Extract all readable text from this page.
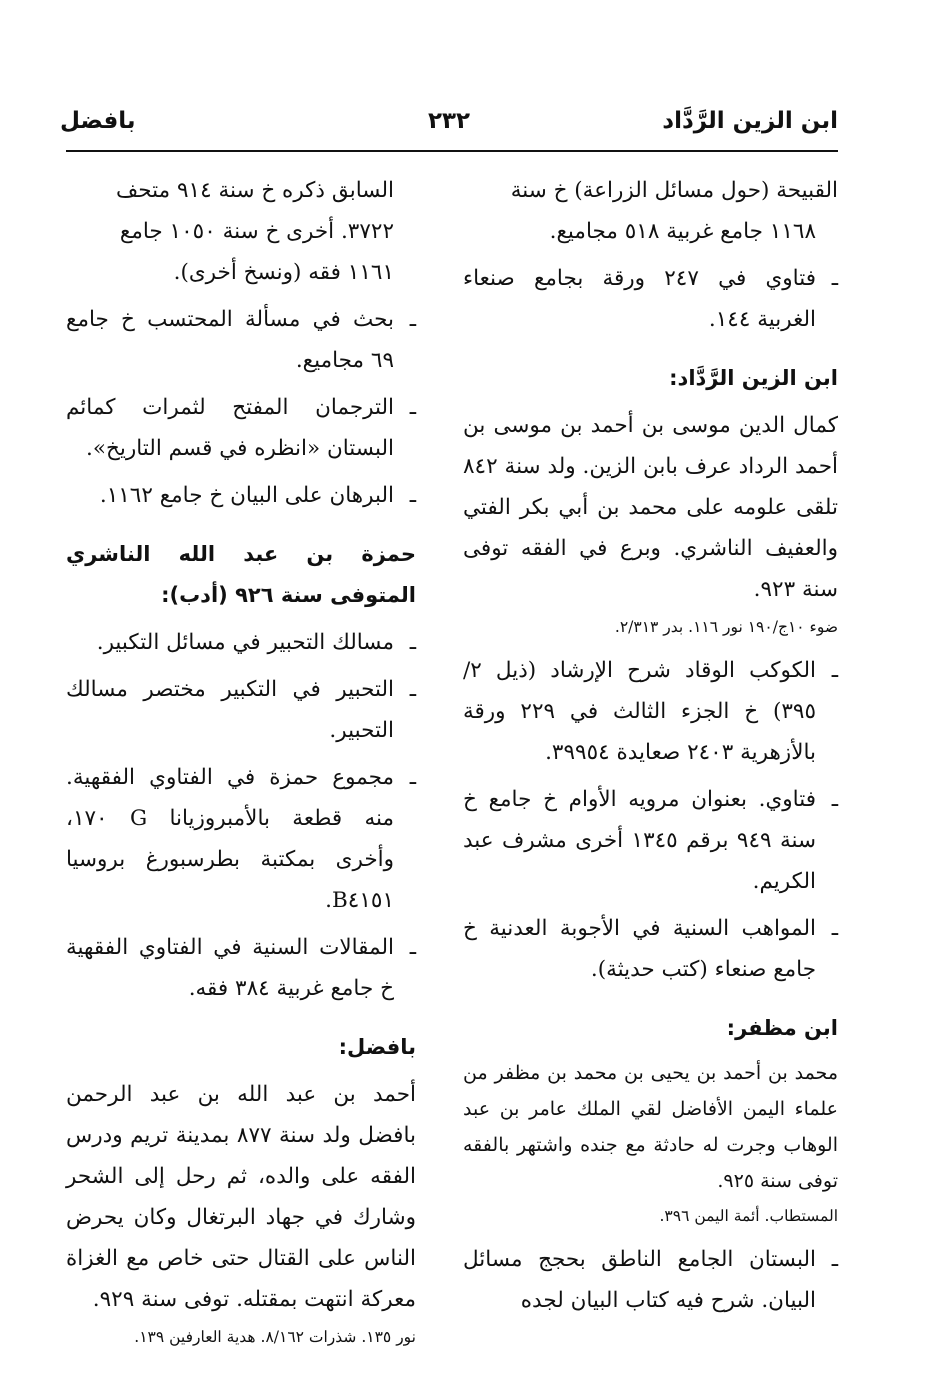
ابن الزين الرَّدَّاد
٢٣٢
بافضل

القبيحة (حول مسائل الزراعة) خ سنة

١١٦٨ جامع غربية ٥١٨ مجاميع.

ـ
فتاوي في ٢٤٧ ورقة بجامع صنعاء الغربية ١٤٤.
ابن الزين الرَّدَّاد:

كمال الدين موسى بن أحمد بن موسى بن أحمد الرداد عرف بابن الزين. ولد سنة ٨٤٢ تلقى علومه على محمد بن أبي بكر الفتي والعفيف الناشري. وبرع في الفقه توفى سنة ٩٢٣.

ضوء ١٠ج/١٩٠ نور ١١٦. بدر ٢/٣١٣.

ـ
الكوكب الوقاد شرح الإرشاد (ذيل ٢/ ٣٩٥) خ الجزء الثالث في ٢٢٩ ورقة بالأزهرية ٢٤٠٣ صعايدة ٣٩٩٥٤.
ـ
فتاوي. بعنوان مرويه الأوام خ جامع خ سنة ٩٤٩ برقم ١٣٤٥ أخرى مشرف عبد الكريم.
ـ
المواهب السنية في الأجوبة العدنية خ جامع صنعاء (كتب حديثة).
ابن مظفر:

محمد بن أحمد بن يحيى بن محمد بن مظفر من علماء اليمن الأفاضل لقي الملك عامر بن عبد الوهاب وجرت له حادثة مع جنده واشتهر بالفقه توفى سنة ٩٢٥.

المستطاب. أئمة اليمن ٣٩٦.

ـ
البستان الجامع الناطق بحجج مسائل البيان. شرح فيه كتاب البيان لجده

السابق ذكره خ سنة ٩١٤ متحف

٣٧٢٢. أخرى خ سنة ١٠٥٠ جامع

١١٦١ فقه (ونسخ أخرى).

ـ
بحث في مسألة المحتسب خ جامع ٦٩ مجاميع.
ـ
الترجمان المفتح لثمرات كمائم البستان «انظره في قسم التاريخ».
ـ
البرهان على البيان خ جامع ١١٦٢.
حمزة بن عبد الله الناشري المتوفى سنة ٩٢٦ (أدب):
ـ
مسالك التحبير في مسائل التكبير.
ـ
التحبير في التكبير مختصر مسالك التحبير.
ـ
مجموع حمزة في الفتاوي الفقهية. منه قطعة بالأمبروزيانا G ١٧٠، وأخرى بمكتبة بطرسبورغ بروسيا B٤١٥١.
ـ
المقالات السنية في الفتاوي الفقهية خ جامع غربية ٣٨٤ فقه.
بافضل:

أحمد بن عبد الله بن عبد الرحمن بافضل ولد سنة ٨٧٧ بمدينة تريم ودرس الفقه على والده، ثم رحل إلى الشحر وشارك في جهاد البرتغال وكان يحرض الناس على القتال حتى خاص مع الغزاة معركة انتهت بمقتله. توفى سنة ٩٢٩.

نور ١٣٥. شذرات ٨/١٦٢. هدية العارفين ١٣٩.
